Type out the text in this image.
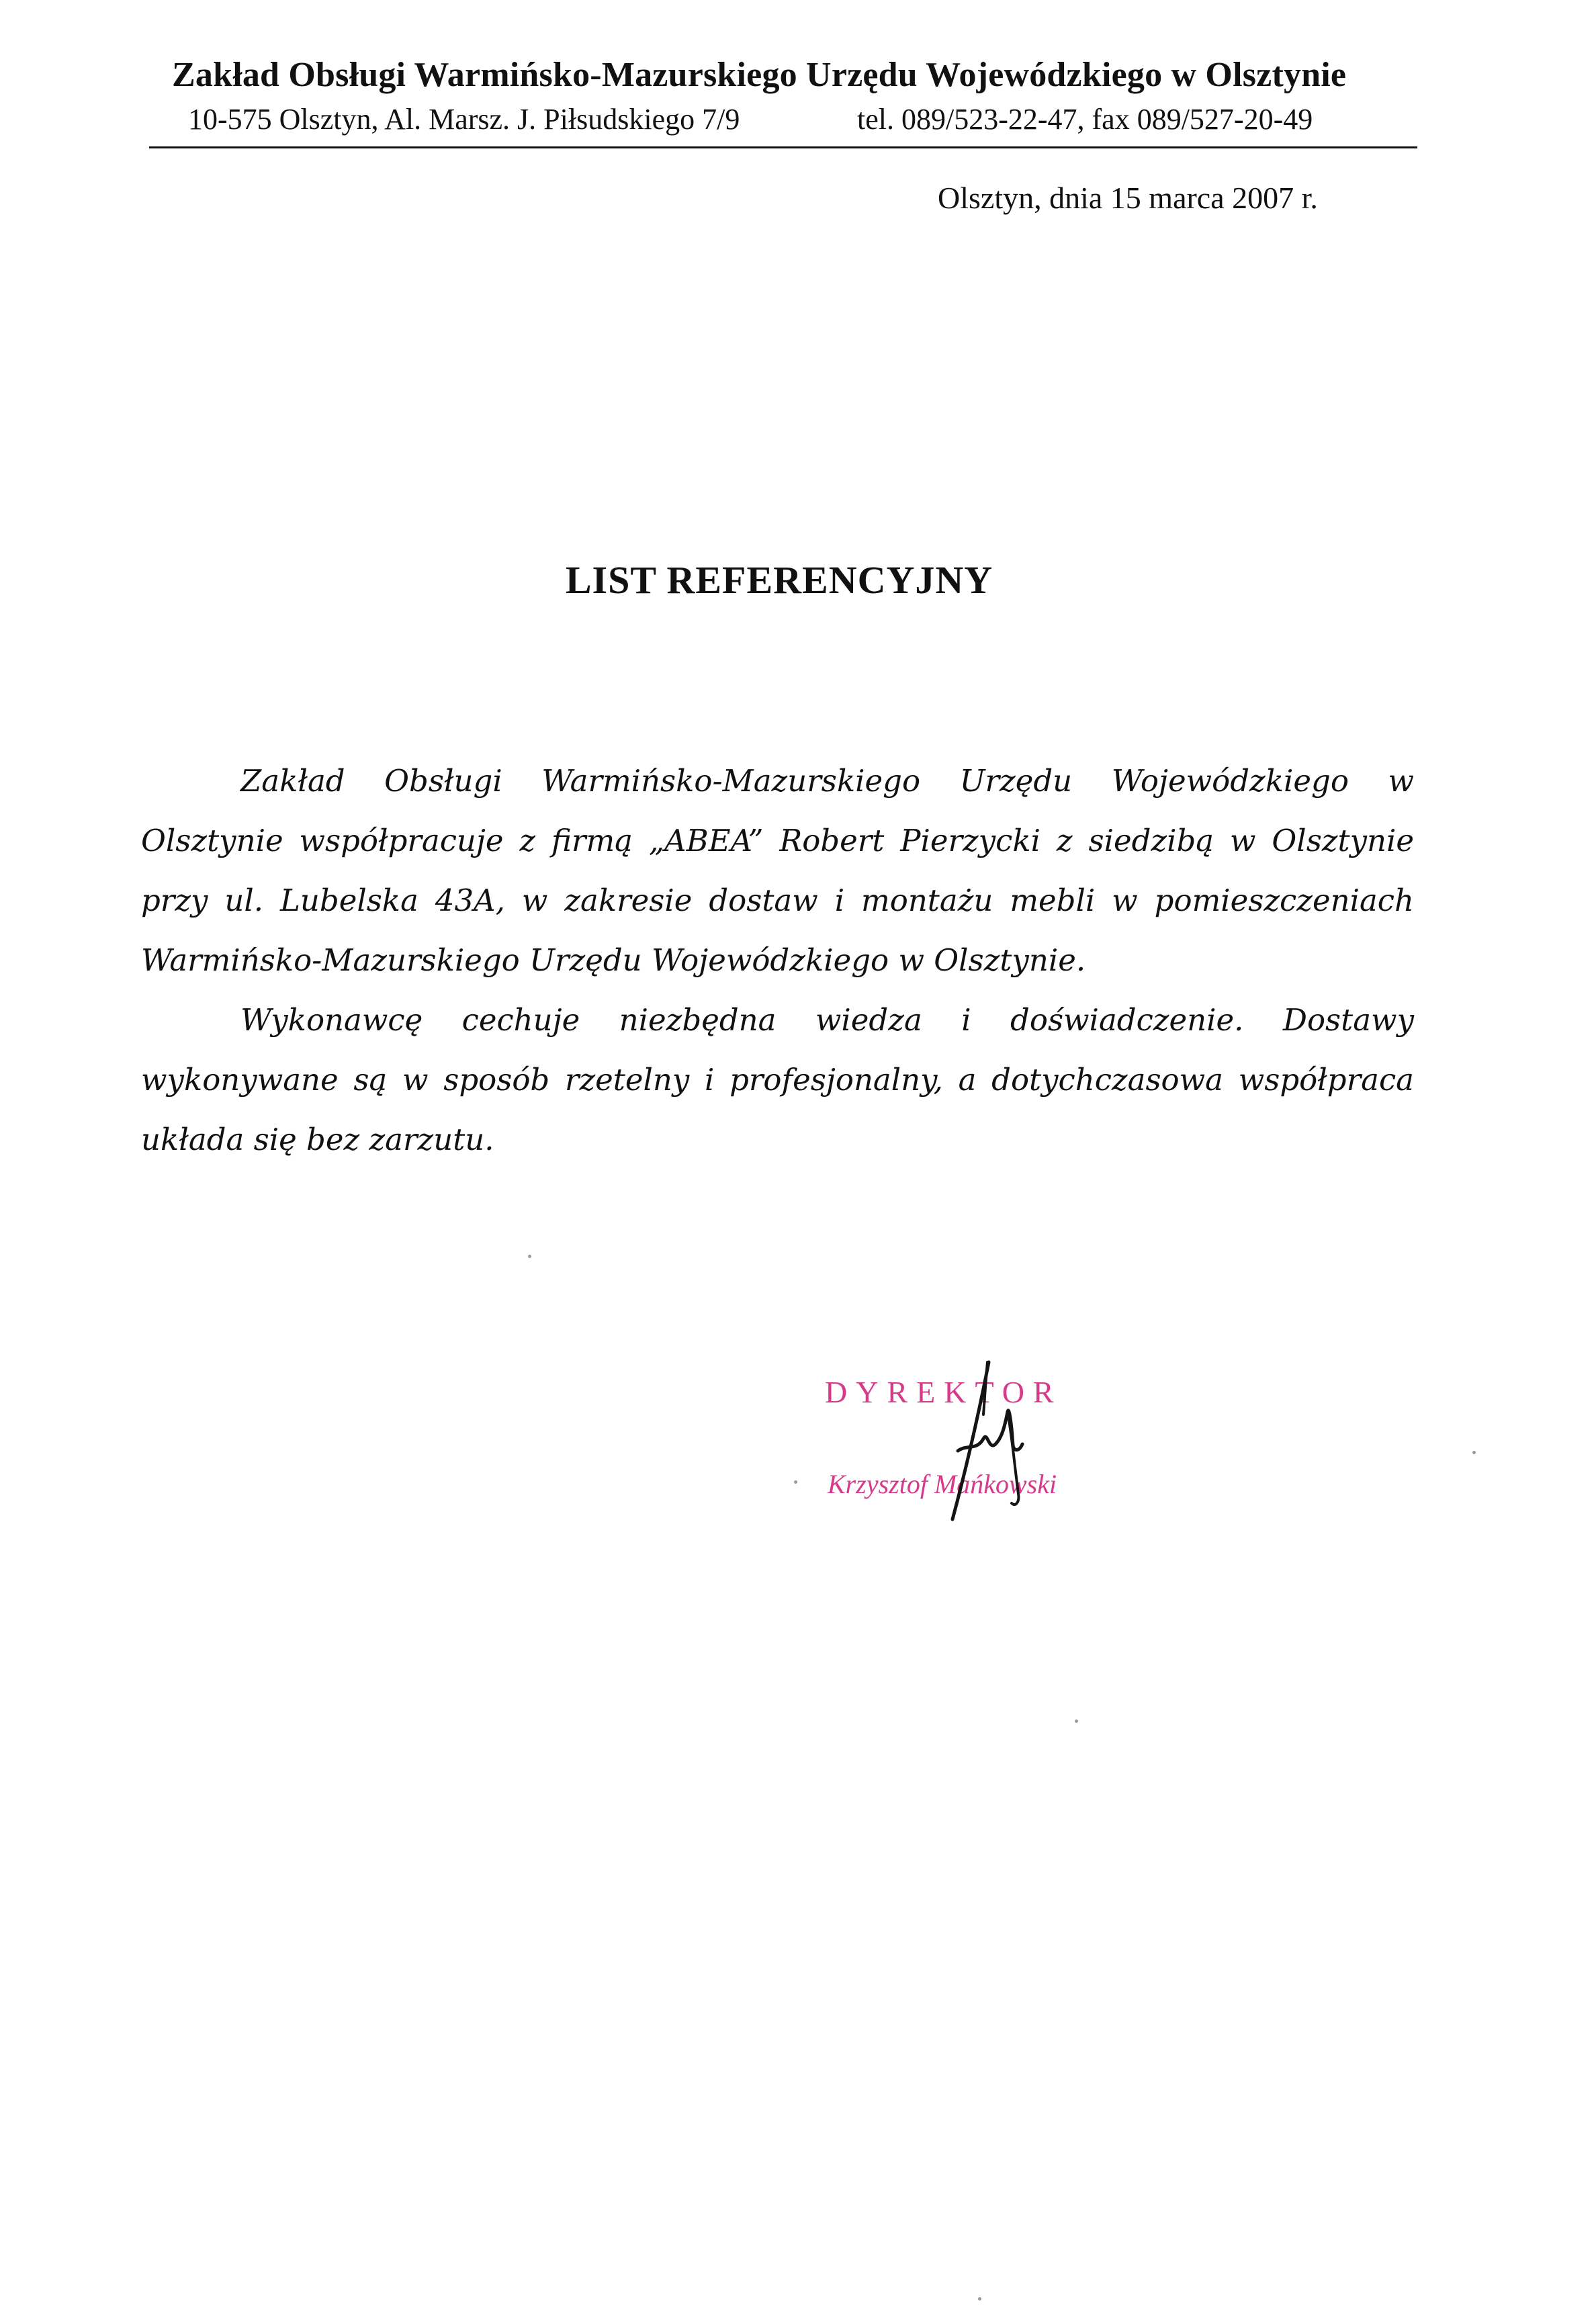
Zakład Obsługi Warmińsko-Mazurskiego Urzędu Wojewódzkiego w Olsztynie
10-575 Olsztyn, Al. Marsz. J. Piłsudskiego 7/9	tel. 089/523-22-47, fax 089/527-20-49
Olsztyn, dnia 15 marca 2007 r.
LIST REFERENCYJNY

Zakład Obsługi Warmińsko-Mazurskiego Urzędu Wojewódzkiego w Olsztynie współpracuje z firmą „ABEA” Robert Pierzycki z siedzibą w Olsztynie przy ul. Lubelska 43A, w zakresie dostaw i montażu mebli w pomieszczeniach Warmińsko-Mazurskiego Urzędu Wojewódzkiego w Olsztynie.

Wykonawcę cechuje niezbędna wiedza i doświadczenie. Dostawy wykonywane są w sposób rzetelny i profesjonalny, a dotychczasowa współpraca układa się bez zarzutu.

DYREKTOR
Krzysztof Mańkowski
